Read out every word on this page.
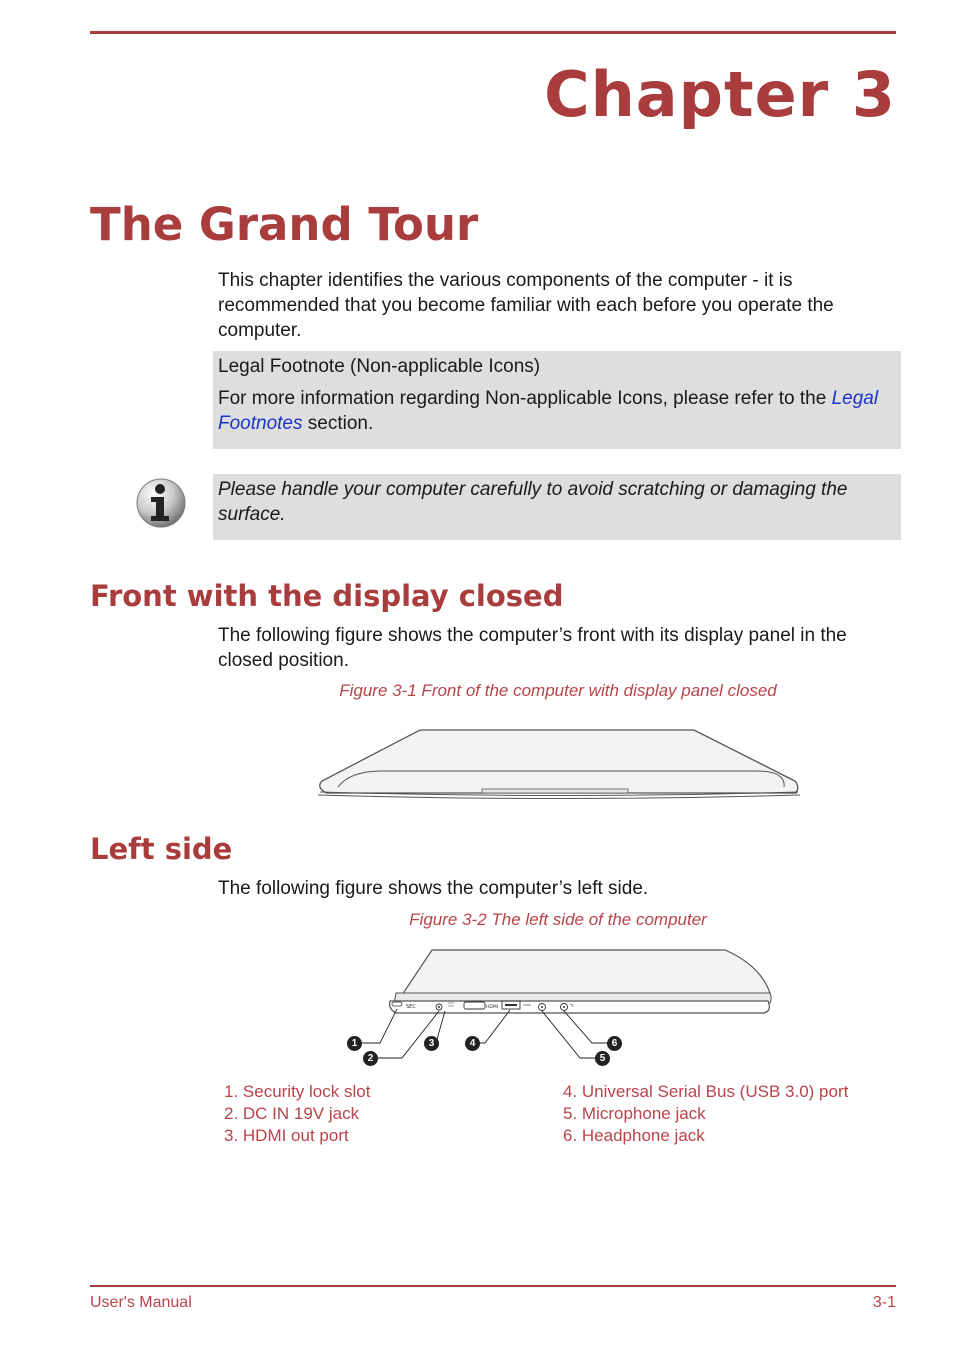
Chapter 3
The Grand Tour

This chapter identifies the various components of the computer - it is recommended that you become familiar with each before you operate the computer.

Legal Footnote (Non-applicable Icons)

For more information regarding Non-applicable Icons, please refer to the Legal Footnotes section.

Please handle your computer carefully to avoid scratching or damaging the surface.

Front with the display closed

The following figure shows the computer’s front with its display panel in the closed position.

Figure 3-1 Front of the computer with display panel closed

Left side

The following figure shows the computer’s left side.

Figure 3-2 The left side of the computer

SEC	HDMI
1
2
3	4
5
6
1. Security lock slot
2. DC IN 19V jack
3. HDMI out port
4. Universal Serial Bus (USB 3.0) port
5. Microphone jack
6. Headphone jack

User's Manual	3-1
